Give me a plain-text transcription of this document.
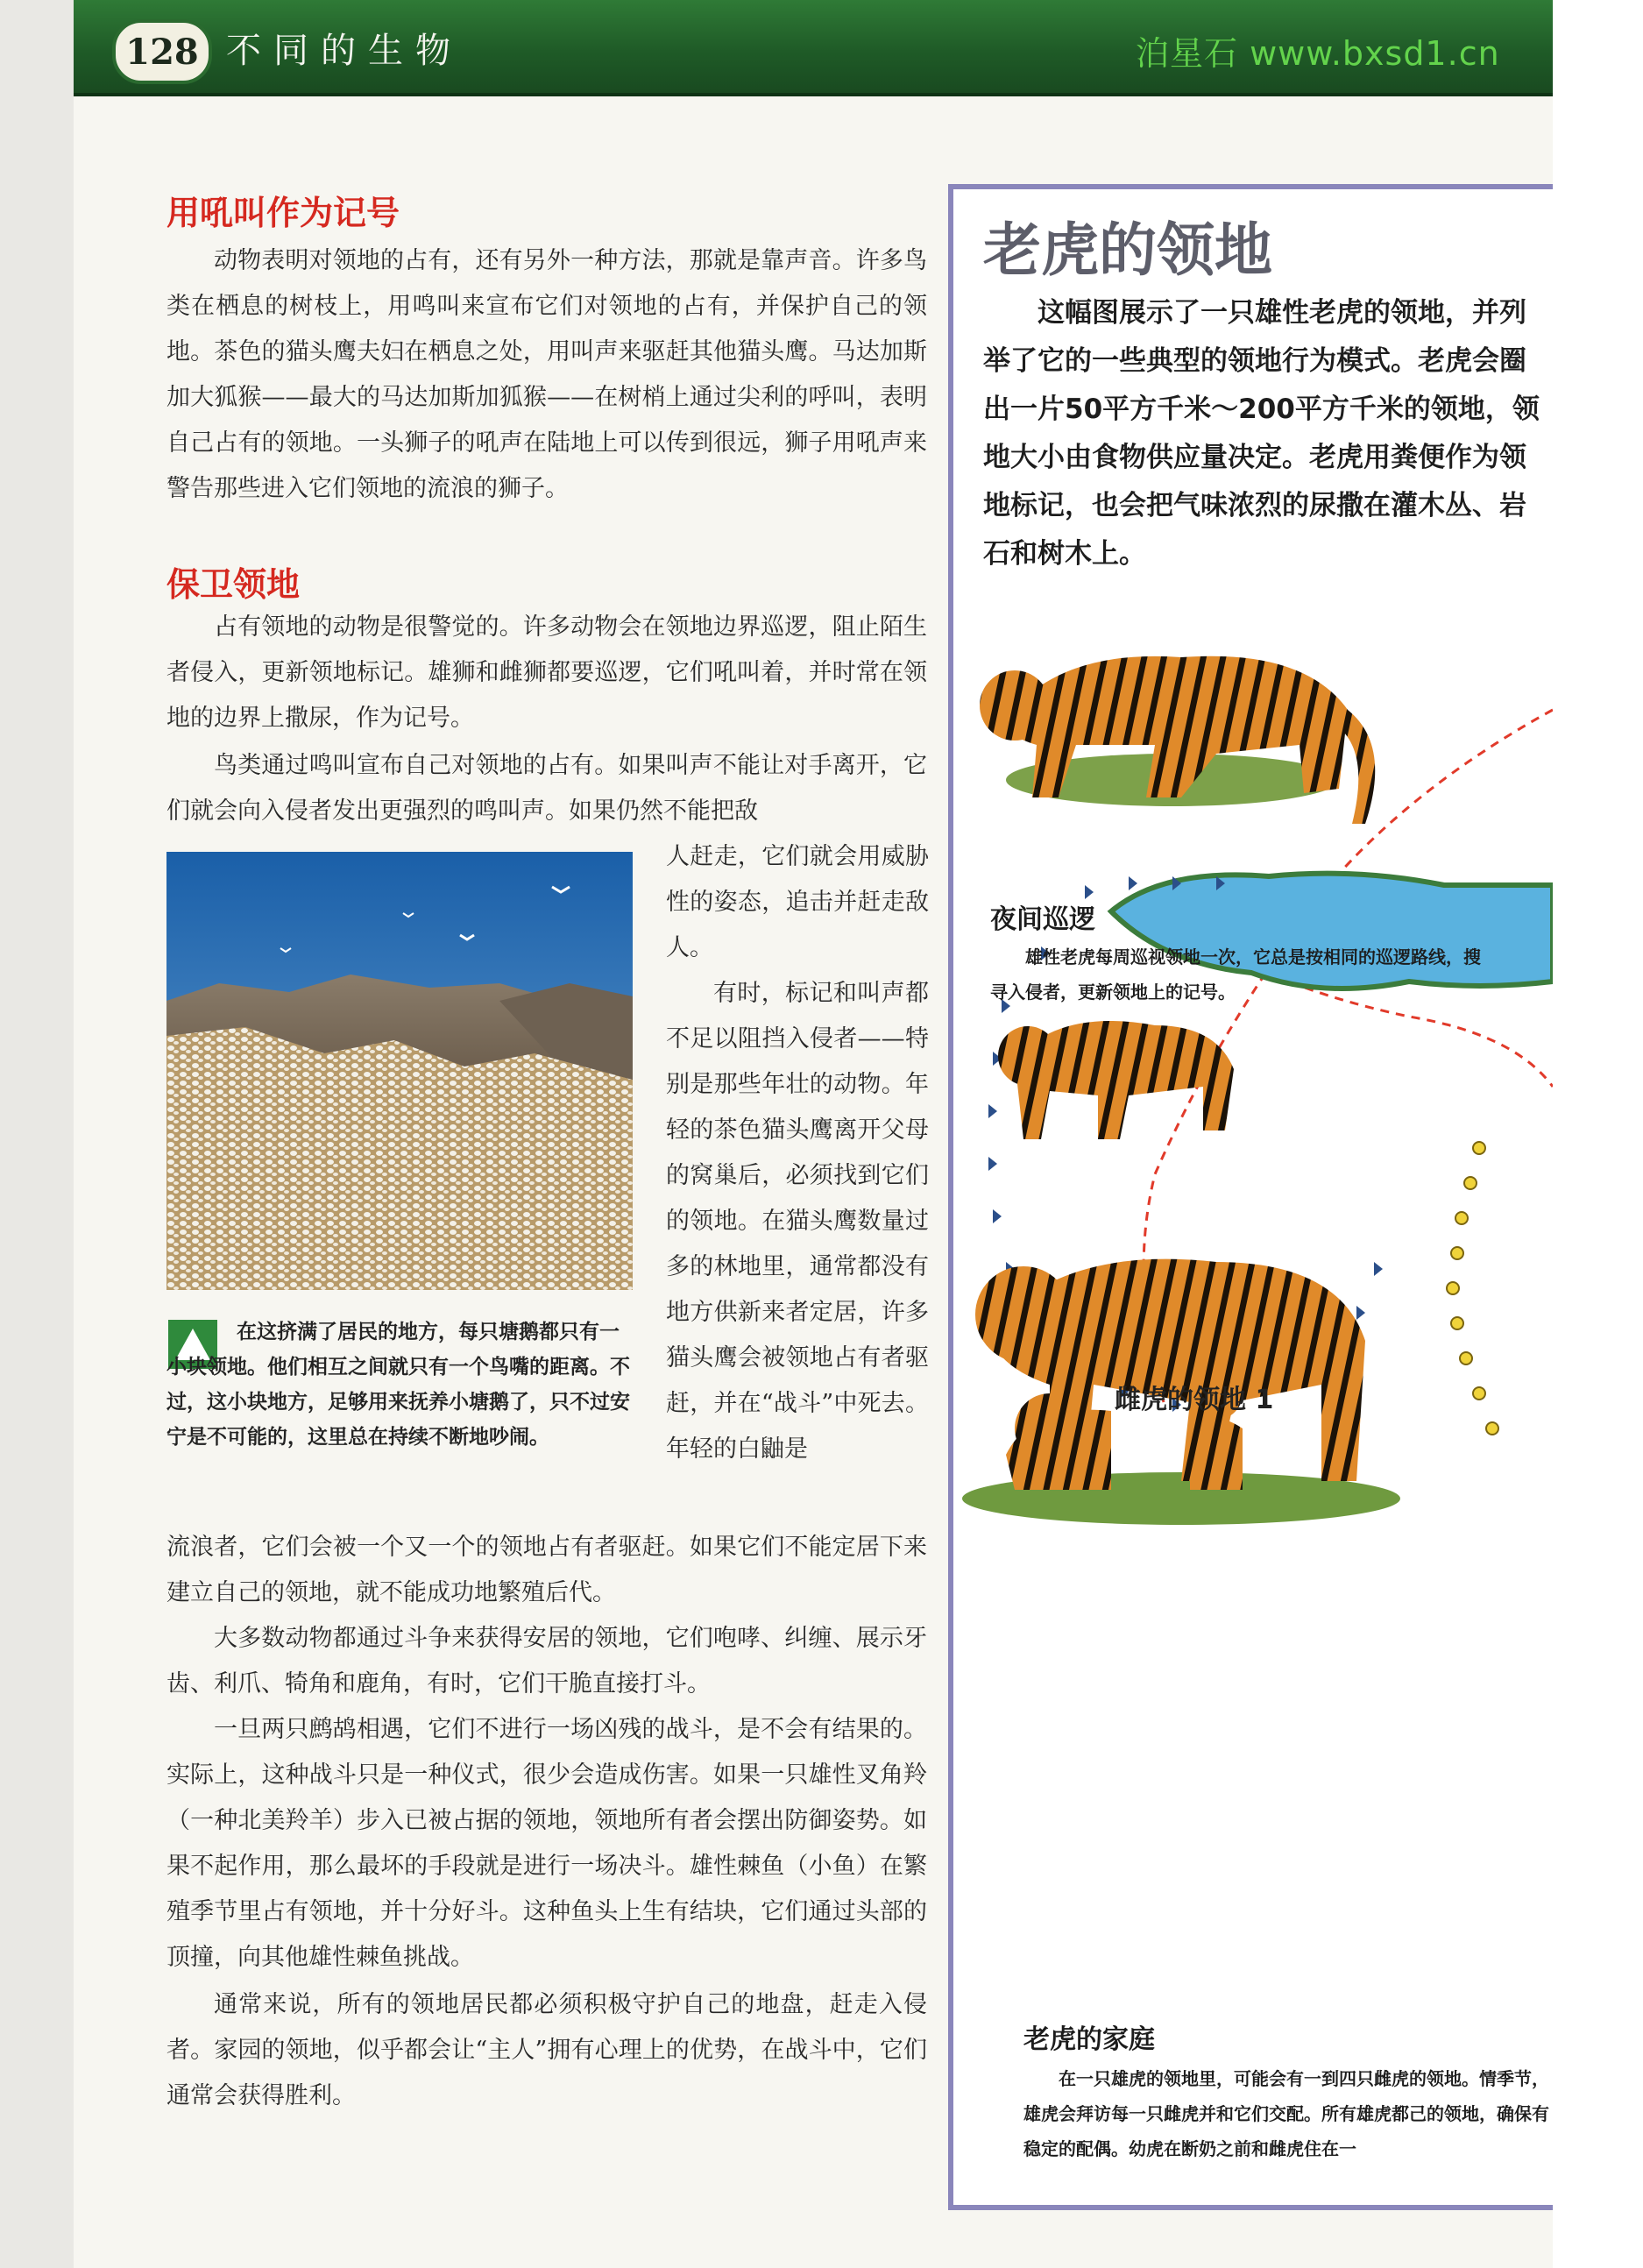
128 不同的生物	泊星石 www.bxsd1.cn
用吼叫作为记号

动物表明对领地的占有，还有另外一种方法，那就是靠声音。许多鸟类在栖息的树枝上，用鸣叫来宣布它们对领地的占有，并保护自己的领地。茶色的猫头鹰夫妇在栖息之处，用叫声来驱赶其他猫头鹰。马达加斯加大狐猴——最大的马达加斯加狐猴——在树梢上通过尖利的呼叫，表明自己占有的领地。一头狮子的吼声在陆地上可以传到很远，狮子用吼声来警告那些进入它们领地的流浪的狮子。

保卫领地

占有领地的动物是很警觉的。许多动物会在领地边界巡逻，阻止陌生者侵入，更新领地标记。雄狮和雌狮都要巡逻，它们吼叫着，并时常在领地的边界上撒尿，作为记号。

鸟类通过鸣叫宣布自己对领地的占有。如果叫声不能让对手离开，它们就会向入侵者发出更强烈的鸣叫声。如果仍然不能把敌

人赶走，它们就会用威胁性的姿态，追击并赶走敌人。

有时，标记和叫声都不足以阻挡入侵者——特别是那些年壮的动物。年轻的茶色猫头鹰离开父母的窝巢后，必须找到它们的领地。在猫头鹰数量过多的林地里，通常都没有地方供新来者定居，许多猫头鹰会被领地占有者驱赶，并在“战斗”中死去。年轻的白鼬是

在这挤满了居民的地方，每只塘鹅都只有一小块领地。他们相互之间就只有一个鸟嘴的距离。不过，这小块地方，足够用来抚养小塘鹅了，只不过安宁是不可能的，这里总在持续不断地吵闹。

流浪者，它们会被一个又一个的领地占有者驱赶。如果它们不能定居下来建立自己的领地，就不能成功地繁殖后代。

大多数动物都通过斗争来获得安居的领地，它们咆哮、纠缠、展示牙齿、利爪、犄角和鹿角，有时，它们干脆直接打斗。

一旦两只鹧鸪相遇，它们不进行一场凶残的战斗，是不会有结果的。实际上，这种战斗只是一种仪式，很少会造成伤害。如果一只雄性叉角羚（一种北美羚羊）步入已被占据的领地，领地所有者会摆出防御姿势。如果不起作用，那么最坏的手段就是进行一场决斗。雄性棘鱼（小鱼）在繁殖季节里占有领地，并十分好斗。这种鱼头上生有结块，它们通过头部的顶撞，向其他雄性棘鱼挑战。

通常来说，所有的领地居民都必须积极守护自己的地盘，赶走入侵者。家园的领地，似乎都会让“主人”拥有心理上的优势，在战斗中，它们通常会获得胜利。

老虎的领地

这幅图展示了一只雄性老虎的领地，并列举了它的一些典型的领地行为模式。老虎会圈出一片50平方千米～200平方千米的领地，领地大小由食物供应量决定。老虎用粪便作为领地标记，也会把气味浓烈的尿撒在灌木丛、岩石和树木上。

夜间巡逻

雄性老虎每周巡视领地一次，它总是按相同的巡逻路线，搜寻入侵者，更新领地上的记号。

雌虎的领地 1
老虎的家庭

在一只雄虎的领地里，可能会有一到四只雌虎的领地。情季节，雄虎会拜访每一只雌虎并和它们交配。所有雄虎都己的领地，确保有稳定的配偶。幼虎在断奶之前和雌虎住在一
